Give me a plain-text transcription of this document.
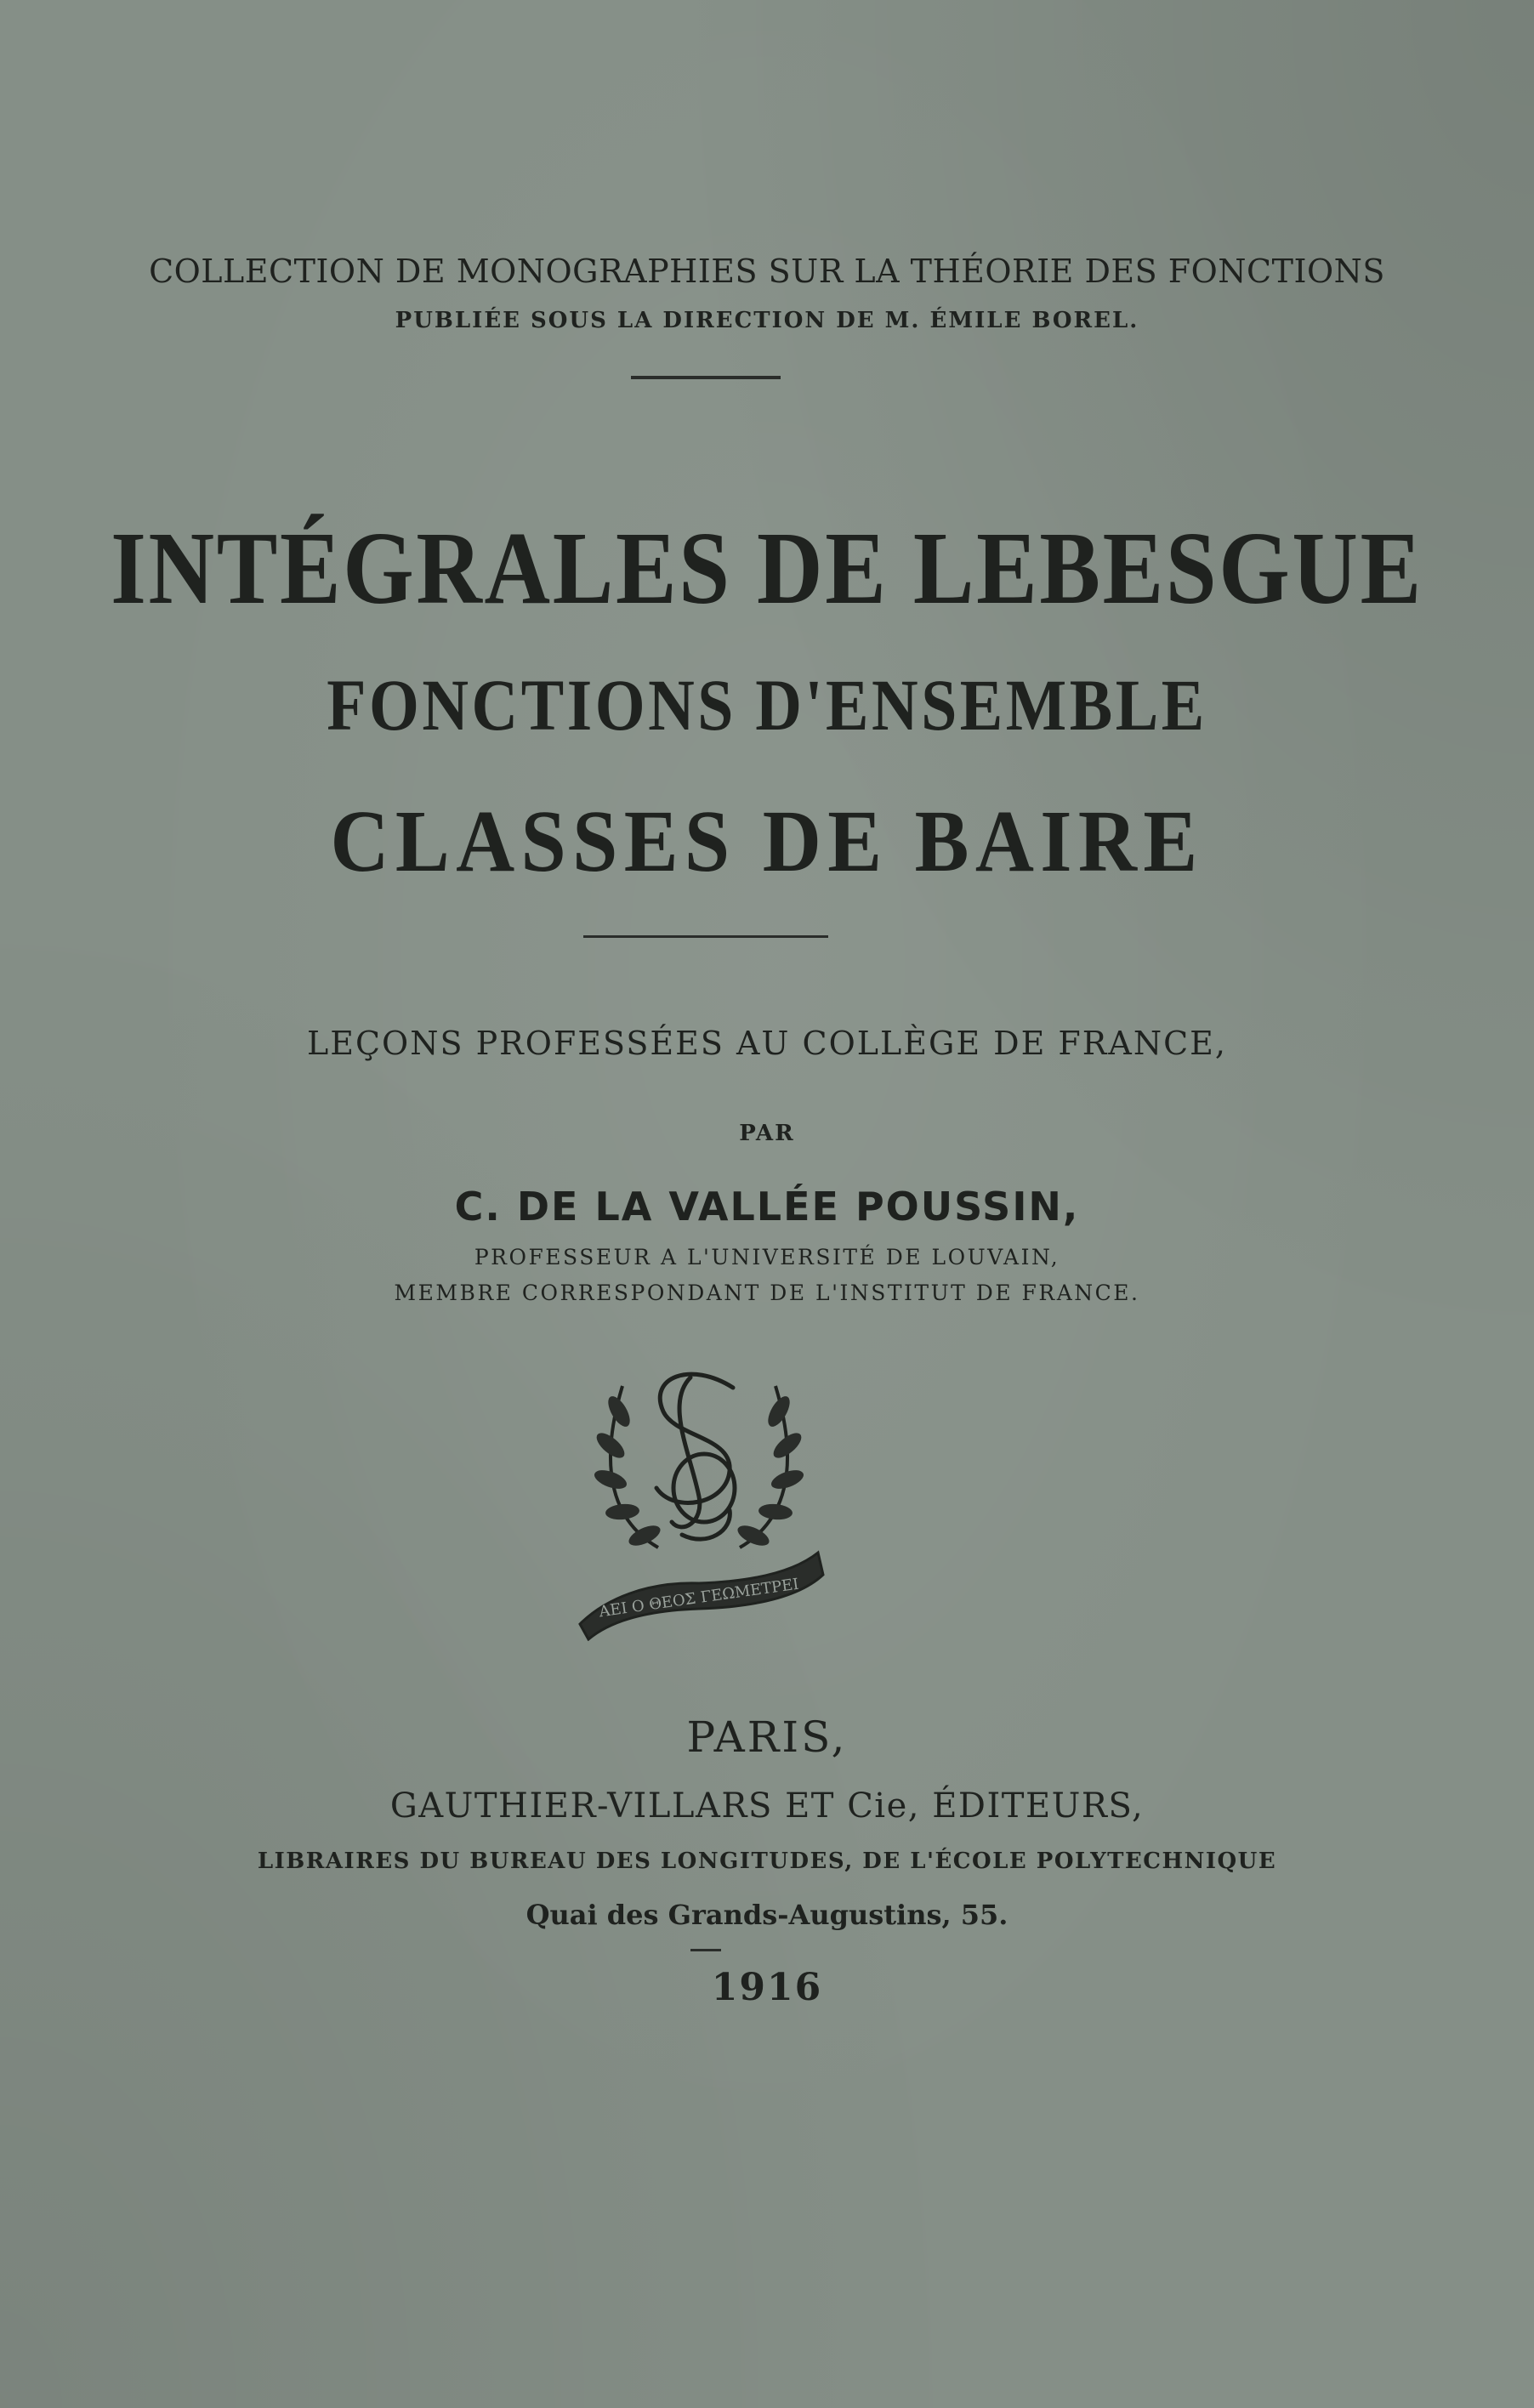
COLLECTION DE MONOGRAPHIES SUR LA THÉORIE DES FONCTIONS
PUBLIÉE SOUS LA DIRECTION DE M. ÉMILE BOREL.
INTÉGRALES DE LEBESGUE
FONCTIONS D'ENSEMBLE
CLASSES DE BAIRE
LEÇONS PROFESSÉES AU COLLÈGE DE FRANCE,
PAR
C. DE LA VALLÉE POUSSIN,
PROFESSEUR A L'UNIVERSITÉ DE LOUVAIN,
MEMBRE CORRESPONDANT DE L'INSTITUT DE FRANCE.
ΑΕΙ Ο ΘΕΟΣ ΓΕΩΜΕΤΡΕΙ
PARIS,
GAUTHIER-VILLARS ET Cie, ÉDITEURS,
LIBRAIRES DU BUREAU DES LONGITUDES, DE L'ÉCOLE POLYTECHNIQUE
Quai des Grands-Augustins, 55.
1916
